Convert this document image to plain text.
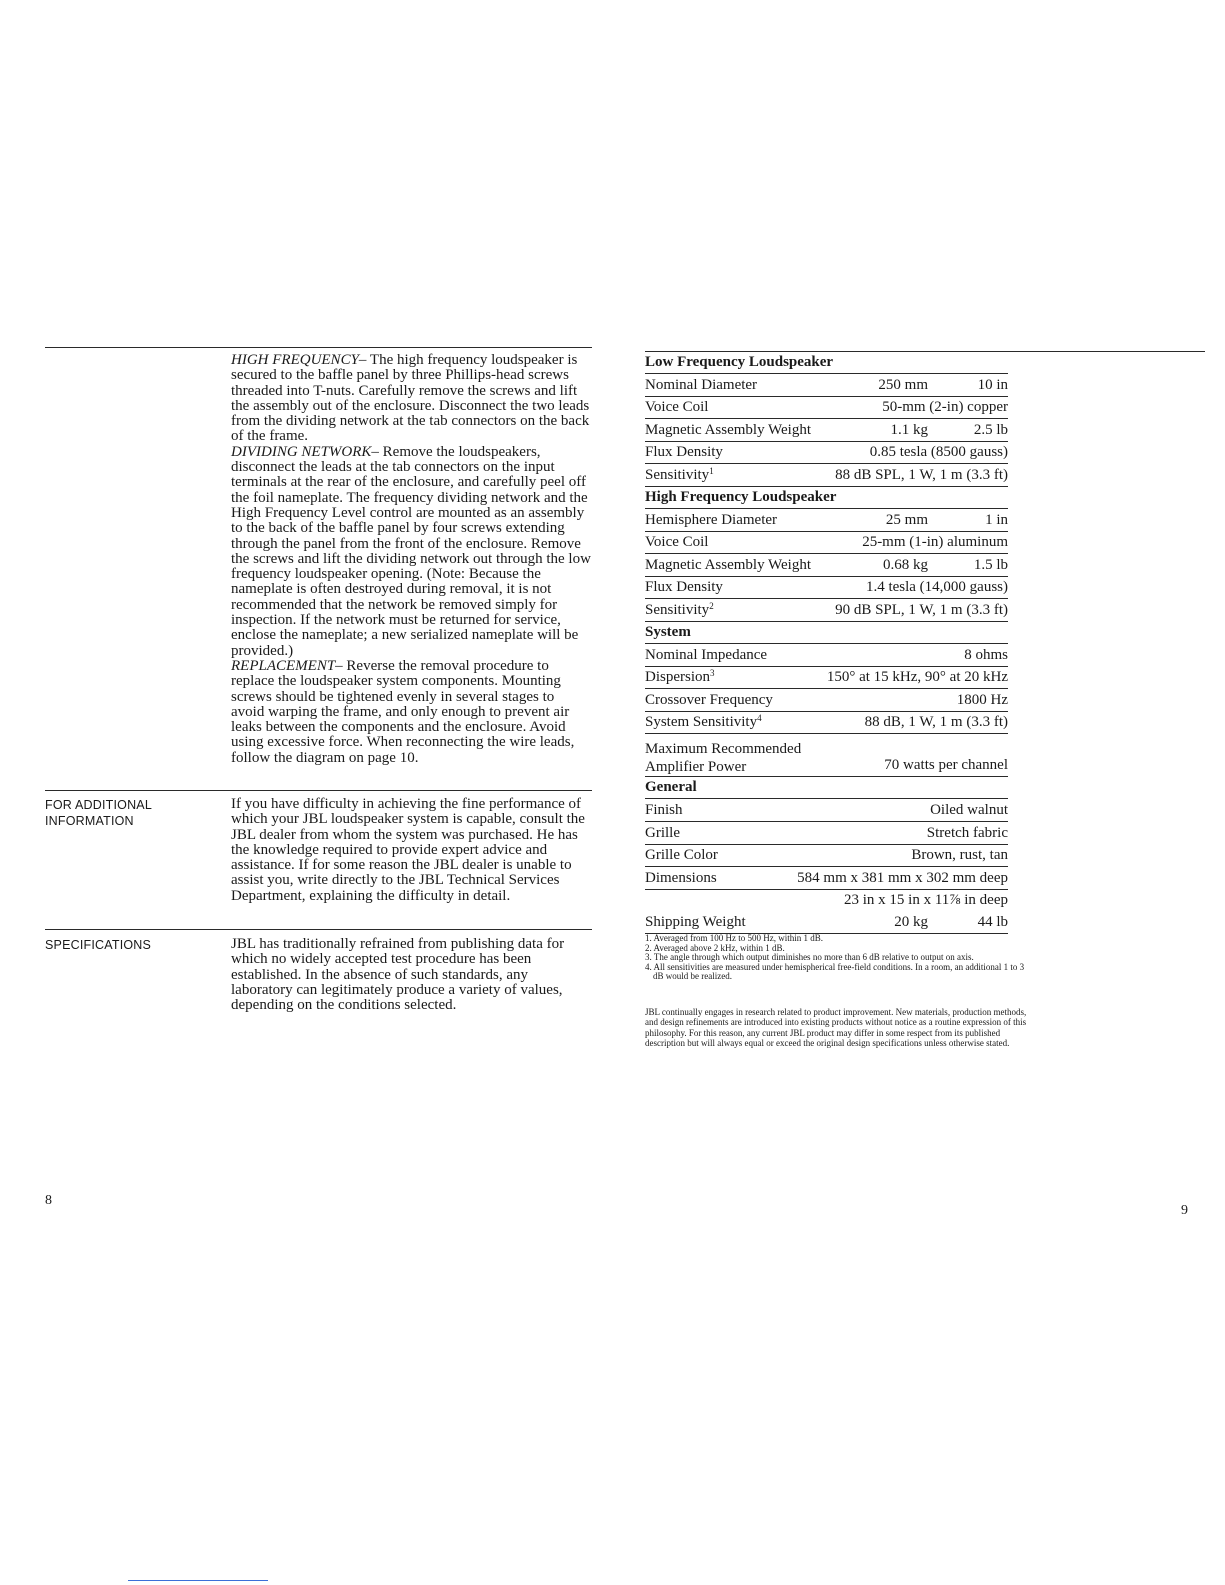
HIGH FREQUENCY– The high frequency loudspeaker is secured to the baffle panel by three Phillips-head screws threaded into T-nuts. Carefully remove the screws and lift the assembly out of the enclosure. Disconnect the two leads from the dividing network at the tab connectors on the back of the frame.

DIVIDING NETWORK– Remove the loudspeakers, disconnect the leads at the tab connectors on the input terminals at the rear of the enclosure, and carefully peel off the foil nameplate. The frequency dividing network and the High Frequency Level control are mounted as an assembly to the back of the baffle panel by four screws extending through the panel from the front of the enclosure. Remove the screws and lift the dividing network out through the low frequency loudspeaker opening. (Note: Because the nameplate is often destroyed during removal, it is not recommended that the network be removed simply for inspection. If the network must be returned for service, enclose the nameplate; a new serialized nameplate will be provided.)

REPLACEMENT– Reverse the removal procedure to replace the loudspeaker system components. Mounting screws should be tightened evenly in several stages to avoid warping the frame, and only enough to prevent air leaks between the components and the enclosure. Avoid using excessive force. When reconnecting the wire leads, follow the diagram on page 10.

FOR ADDITIONAL
INFORMATION

If you have difficulty in achieving the fine performance of which your JBL loudspeaker system is capable, consult the JBL dealer from whom the system was purchased. He has the knowledge required to provide expert advice and assistance. If for some reason the JBL dealer is unable to assist you, write directly to the JBL Technical Services Department, explaining the difficulty in detail.

SPECIFICATIONS	JBL has traditionally refrained from publishing data for which no widely accepted test procedure has been established. In the absence of such standards, any laboratory can legitimately produce a variety of values, depending on the conditions selected.

8
Low Frequency Loudspeaker
Nominal Diameter	250 mm	10 in
Voice Coil	50-mm (2-in) copper
Magnetic Assembly Weight	1.1 kg	2.5 lb
Flux Density	0.85 tesla (8500 gauss)
Sensitivity$^1$	88 dB SPL, 1 W, 1 m (3.3 ft)
High Frequency Loudspeaker
Hemisphere Diameter	25 mm	1 in
Voice Coil	25-mm (1-in) aluminum
Magnetic Assembly Weight	0.68 kg	1.5 lb
Flux Density	1.4 tesla (14,000 gauss)
Sensitivity$^2$	90 dB SPL, 1 W, 1 m (3.3 ft)
System
Nominal Impedance	8 ohms
Dispersion$^3$	150° at 15 kHz, 90° at 20 kHz
Crossover Frequency	1800 Hz
System Sensitivity$^4$	88 dB, 1 W, 1 m (3.3 ft)
Maximum Recommended
Amplifier Power	70 watts per channel
General
Finish	Oiled walnut
Grille	Stretch fabric
Grille Color	Brown, rust, tan
Dimensions	584 mm x 381 mm x 302 mm deep
23 in x 15 in x 11⅞ in deep
Shipping Weight	20 kg	44 lb
1. Averaged from 100 Hz to 500 Hz, within 1 dB.
2. Averaged above 2 kHz, within 1 dB.
3. The angle through which output diminishes no more than 6 dB relative to output on axis.
4. All sensitivities are measured under hemispherical free-field conditions. In a room, an additional 1 to 3 dB would be realized.
JBL continually engages in research related to product improvement. New materials, production methods, and design refinements are introduced into existing products without notice as a routine expression of this philosophy. For this reason, any current JBL product may differ in some respect from its published description but will always equal or exceed the original design specifications unless otherwise stated.
9
